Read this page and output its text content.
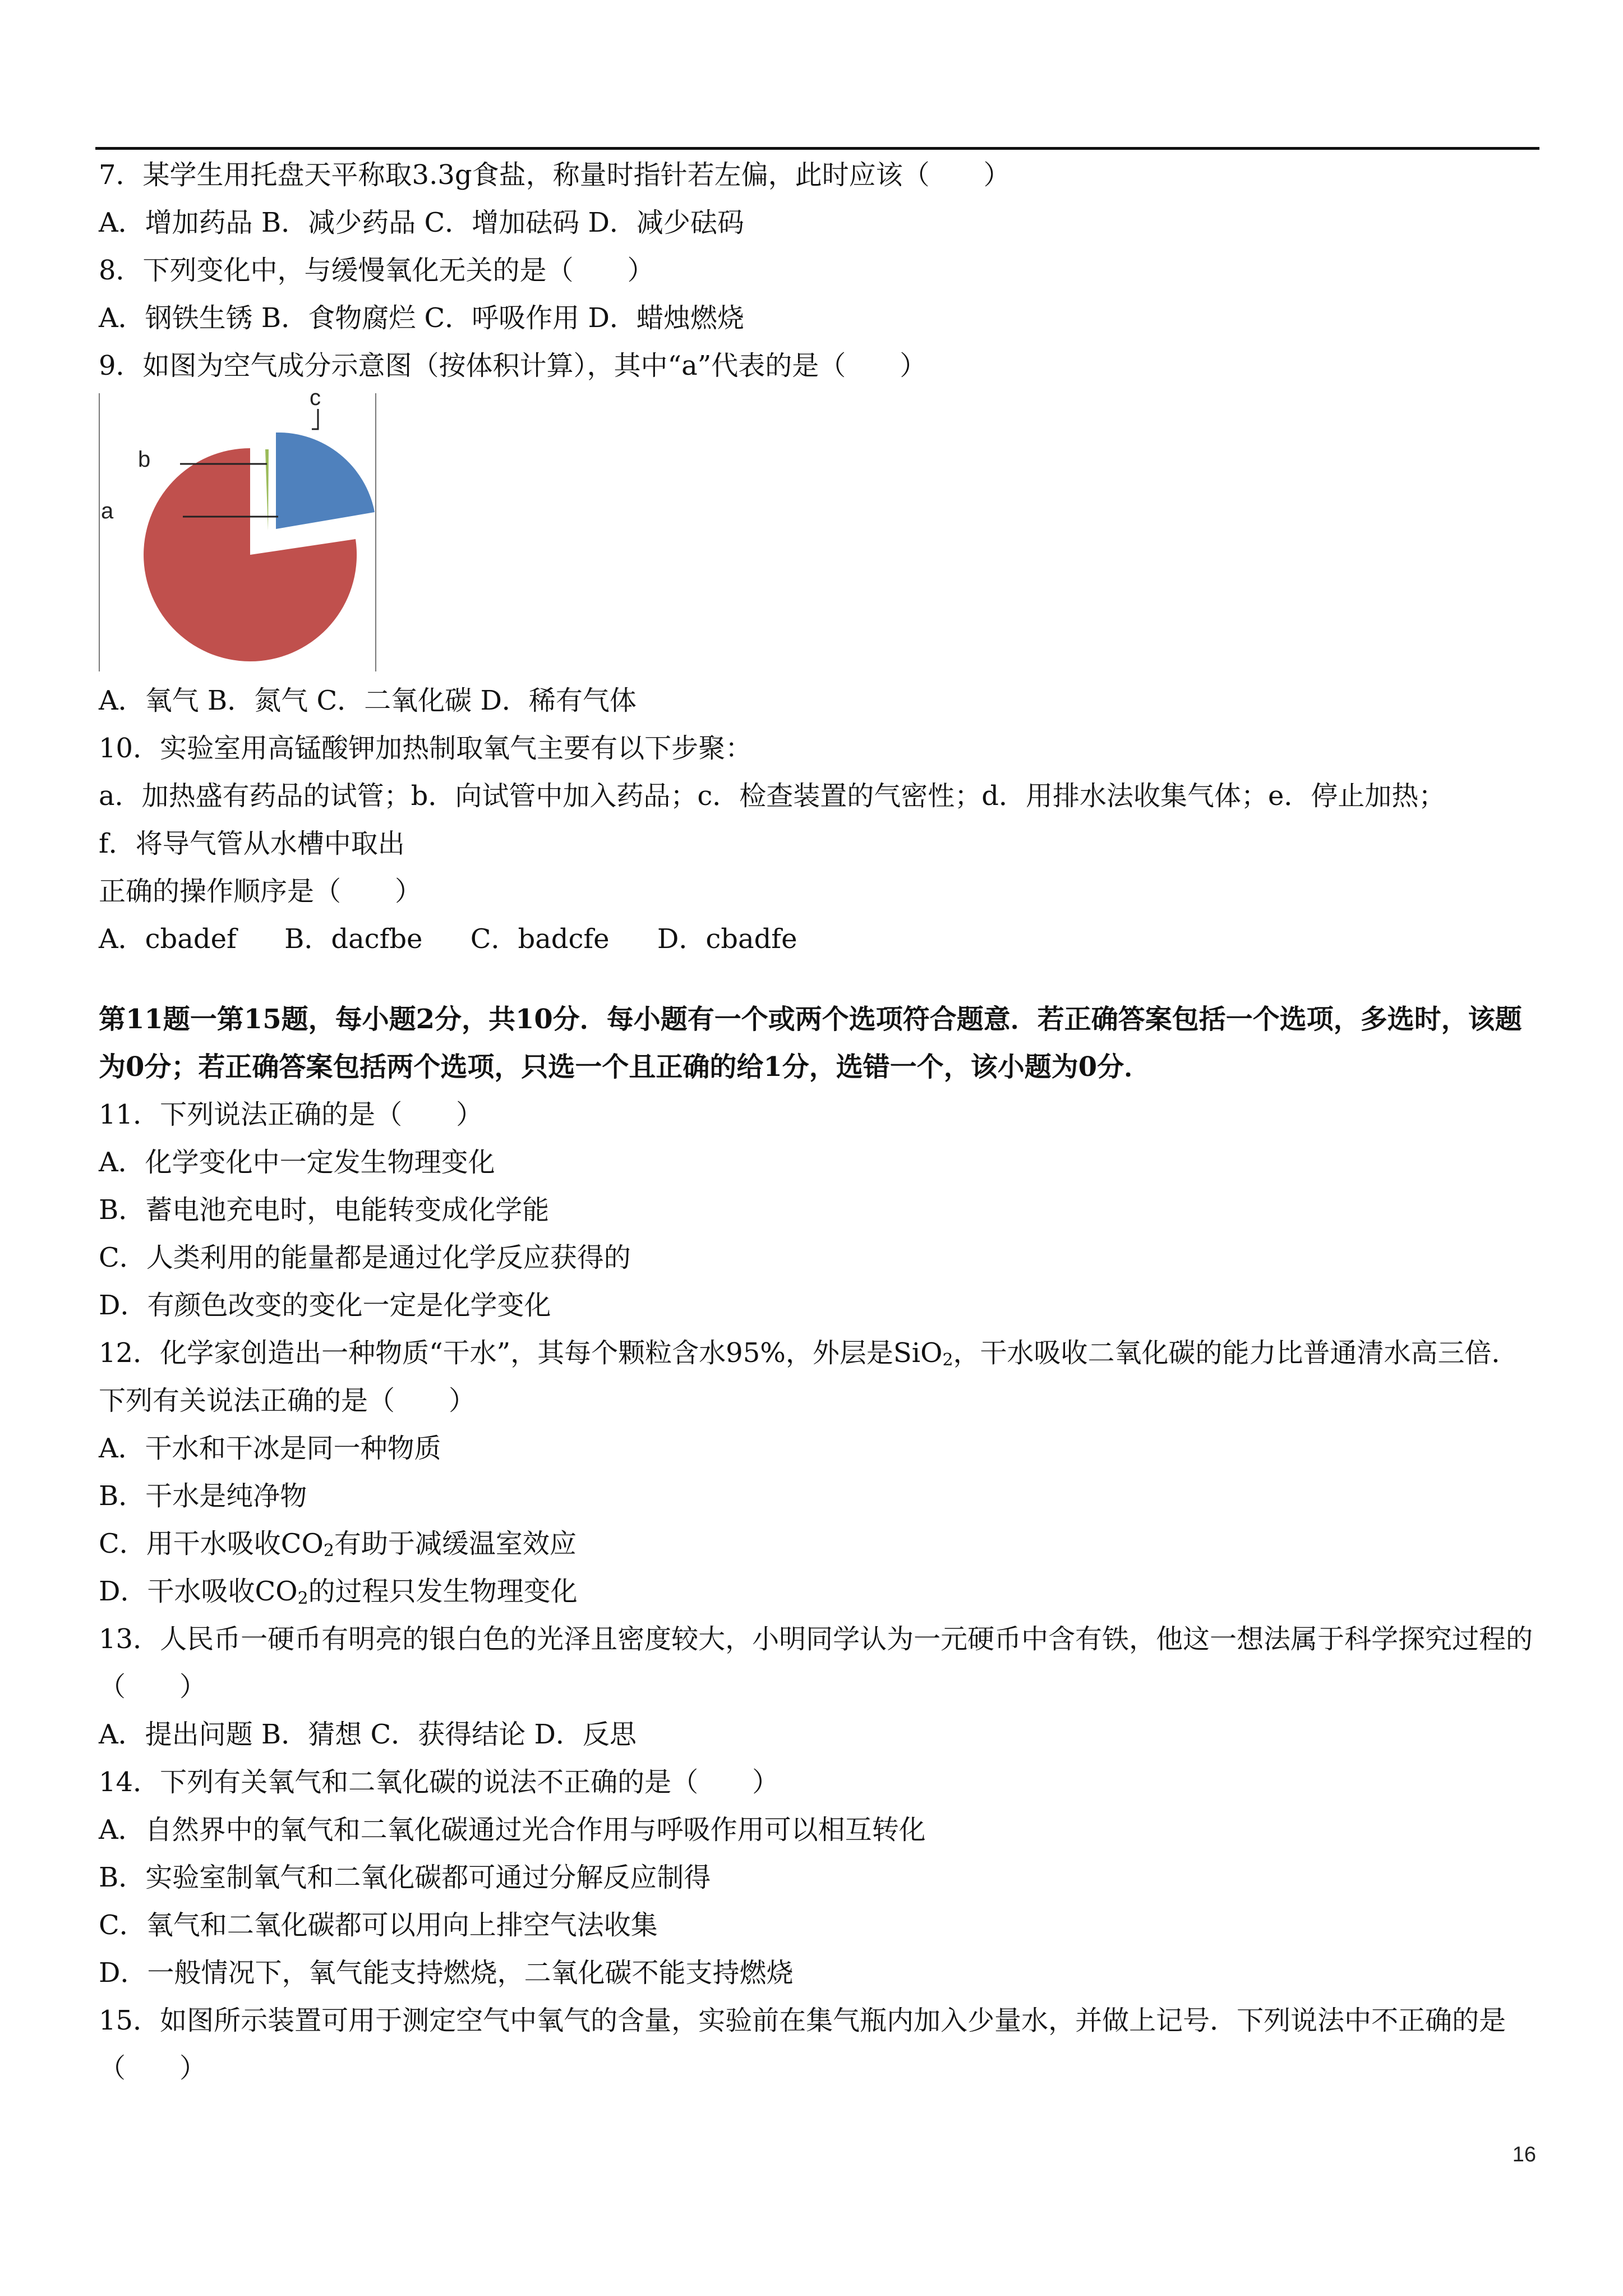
7．某学生用托盘天平称取3.3g食盐，称量时指针若左偏，此时应该（　　）
A．增加药品 B．减少药品 C．增加砝码 D．减少砝码
8．下列变化中，与缓慢氧化无关的是（　　）
A．钢铁生锈 B．食物腐烂 C．呼吸作用 D．蜡烛燃烧
9．如图为空气成分示意图（按体积计算），其中“a”代表的是（　　）
a
b
c
A．氧气 B．氮气 C．二氧化碳 D．稀有气体
10．实验室用高锰酸钾加热制取氧气主要有以下步聚：
a．加热盛有药品的试管；b．向试管中加入药品；c．检查装置的气密性；d．用排水法收集气体；e．停止加热；
f．将导气管从水槽中取出
正确的操作顺序是（　　）
A．cbadef B．dacfbe C．badcfe D．cbadfe
第11题一第15题，每小题2分，共10分．每小题有一个或两个选项符合题意．若正确答案包括一个选项，多选时，该题为0分；若正确答案包括两个选项，只选一个且正确的给1分，选错一个，该小题为0分．
11．下列说法正确的是（　　）
A．化学变化中一定发生物理变化
B．蓄电池充电时，电能转变成化学能
C．人类利用的能量都是通过化学反应获得的
D．有颜色改变的变化一定是化学变化
12．化学家创造出一种物质“干水”，其每个颗粒含水95%，外层是SiO$_2$，干水吸收二氧化碳的能力比普通清水高三倍．下列有关说法正确的是（　　）
A．干水和干冰是同一种物质
B．干水是纯净物
C．用干水吸收$CO_2$有助于减缓温室效应
D．干水吸收$CO_2$的过程只发生物理变化
13．人民币一硬币有明亮的银白色的光泽且密度较大，小明同学认为一元硬币中含有铁，他这一想法属于科学探究过程的（　　）
A．提出问题 B．猜想 C．获得结论 D．反思
14．下列有关氧气和二氧化碳的说法不正确的是（　　）
A．自然界中的氧气和二氧化碳通过光合作用与呼吸作用可以相互转化
B．实验室制氧气和二氧化碳都可通过分解反应制得
C．氧气和二氧化碳都可以用向上排空气法收集
D．一般情况下，氧气能支持燃烧，二氧化碳不能支持燃烧
15．如图所示装置可用于测定空气中氧气的含量，实验前在集气瓶内加入少量水，并做上记号．下列说法中不正确的是（　　）
16
